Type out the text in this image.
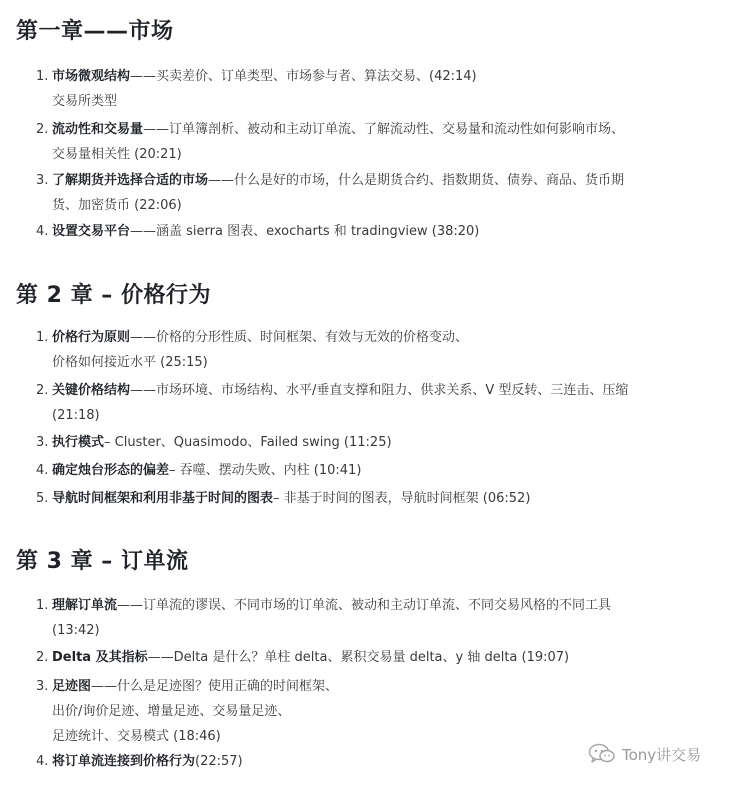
第一章——市场
1. 市场微观结构——买卖差价、订单类型、市场参与者、算法交易、(42:14)
交易所类型
2. 流动性和交易量——订单簿剖析、被动和主动订单流、了解流动性、交易量和流动性如何影响市场、
交易量相关性 (20:21)
3. 了解期货并选择合适的市场——什么是好的市场，什么是期货合约、指数期货、债券、商品、货币期
货、加密货币 (22:06)
4. 设置交易平台——涵盖 sierra 图表、exocharts 和 tradingview (38:20)
第 2 章 – 价格行为
1. 价格行为原则——价格的分形性质、时间框架、有效与无效的价格变动、
价格如何接近水平 (25:15)
2. 关键价格结构——市场环境、市场结构、水平/垂直支撑和阻力、供求关系、V 型反转、三连击、压缩
(21:18)
3. 执行模式– Cluster、Quasimodo、Failed swing (11:25)
4. 确定烛台形态的偏差– 吞噬、摆动失败、内柱 (10:41)
5. 导航时间框架和利用非基于时间的图表– 非基于时间的图表，导航时间框架 (06:52)
第 3 章 – 订单流
1. 理解订单流——订单流的谬误、不同市场的订单流、被动和主动订单流、不同交易风格的不同工具
(13:42)
2. Delta 及其指标——Delta 是什么？单柱 delta、累积交易量 delta、y 轴 delta (19:07)
3. 足迹图——什么是足迹图？使用正确的时间框架、
出价/询价足迹、增量足迹、交易量足迹、
足迹统计、交易模式 (18:46)
4. 将订单流连接到价格行为(22:57)	Tony讲交易
